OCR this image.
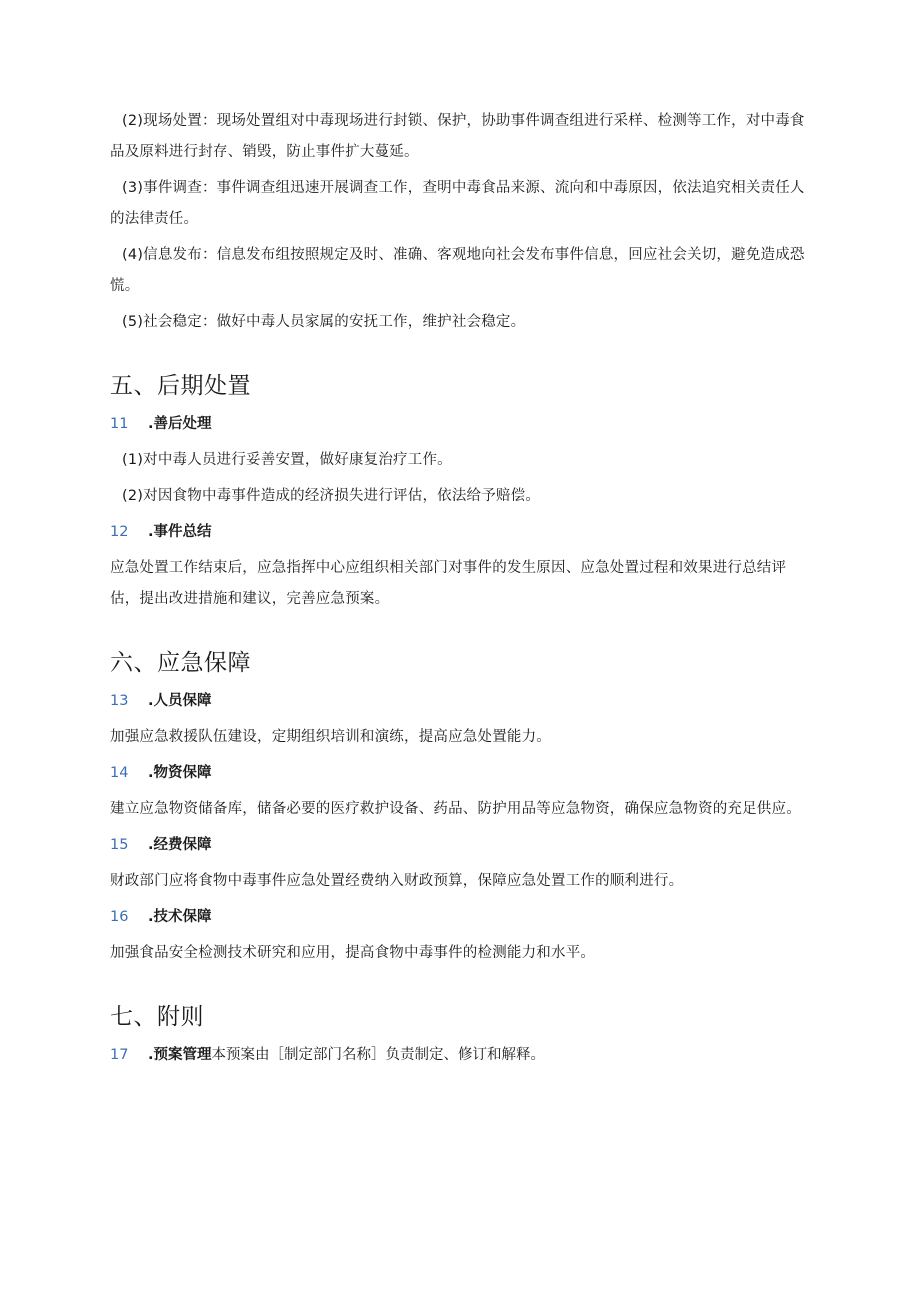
(2)现场处置：现场处置组对中毒现场进行封锁、保护，协助事件调查组进行采样、检测等工作，对中毒食品及原料进行封存、销毁，防止事件扩大蔓延。

(3)事件调查：事件调查组迅速开展调查工作，查明中毒食品来源、流向和中毒原因，依法追究相关责任人的法律责任。

(4)信息发布：信息发布组按照规定及时、准确、客观地向社会发布事件信息，回应社会关切，避免造成恐慌。

(5)社会稳定：做好中毒人员家属的安抚工作，维护社会稳定。

五、后期处置
11 .善后处理

(1)对中毒人员进行妥善安置，做好康复治疗工作。

(2)对因食物中毒事件造成的经济损失进行评估，依法给予赔偿。

12 .事件总结

应急处置工作结束后，应急指挥中心应组织相关部门对事件的发生原因、应急处置过程和效果进行总结评估，提出改进措施和建议，完善应急预案。

六、应急保障
13 .人员保障

加强应急救援队伍建设，定期组织培训和演练，提高应急处置能力。

14 .物资保障

建立应急物资储备库，储备必要的医疗救护设备、药品、防护用品等应急物资，确保应急物资的充足供应。

15 .经费保障

财政部门应将食物中毒事件应急处置经费纳入财政预算，保障应急处置工作的顺利进行。

16 .技术保障

加强食品安全检测技术研究和应用，提高食物中毒事件的检测能力和水平。

七、附则
17 .预案管理本预案由［制定部门名称］负责制定、修订和解释。
